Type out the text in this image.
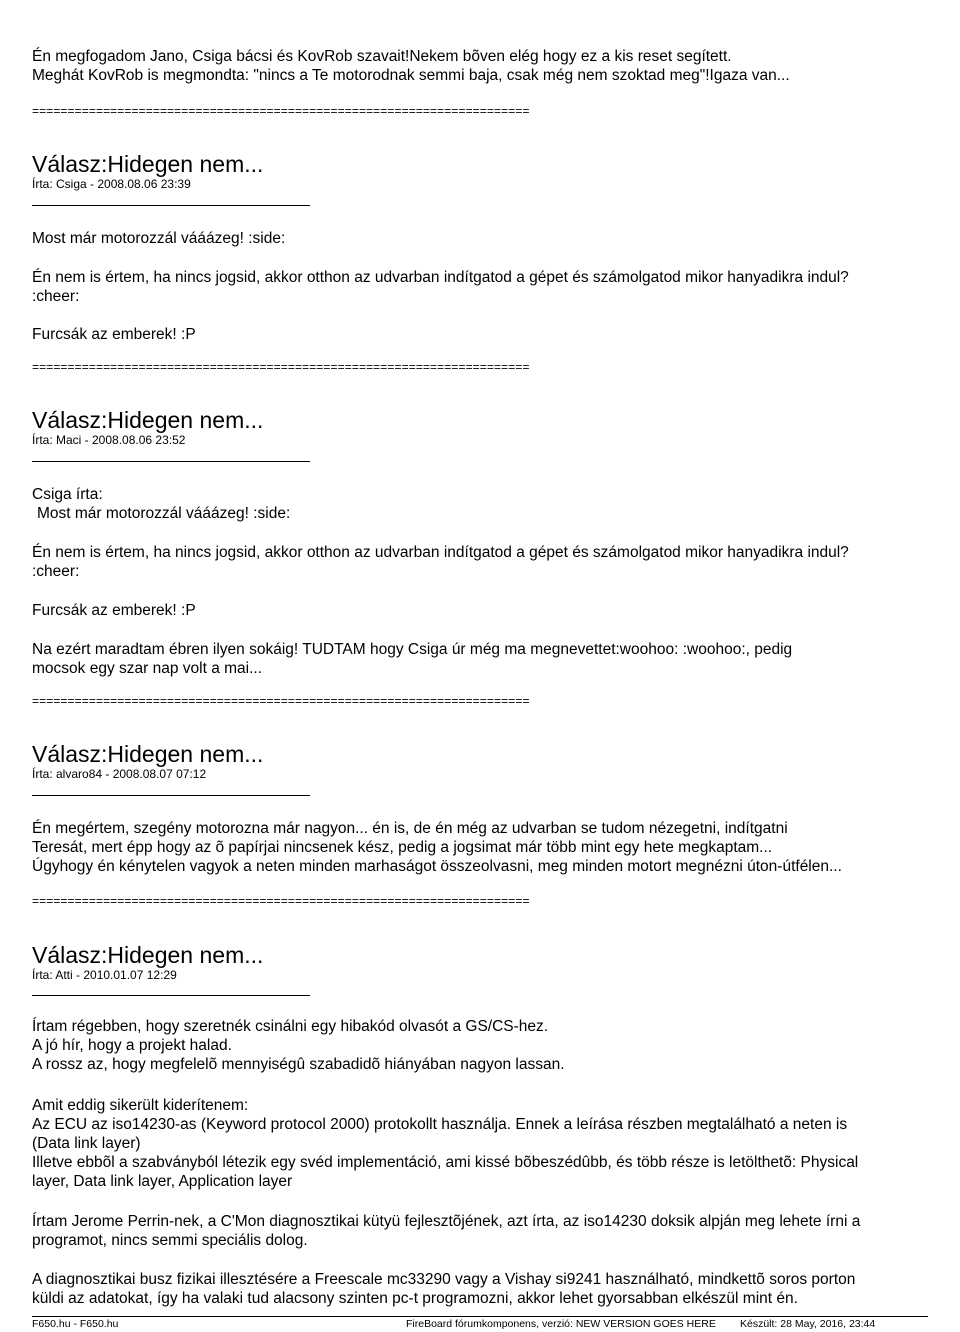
Én megfogadom Jano, Csiga bácsi és KovRob szavait!Nekem bõven elég hogy ez a kis reset segített.

Meghát KovRob is megmondta: "nincs a Te motorodnak semmi baja, csak még nem szoktad meg"!Igaza van...

======================================================================
Válasz:Hidegen nem...

Írta: Csiga - 2008.08.06 23:39

Most már motorozzál vááázeg! :side:

Én nem is értem, ha nincs jogsid, akkor otthon az udvarban indítgatod a gépet és számolgatod mikor hanyadikra indul?

:cheer:

Furcsák az emberek! :P

======================================================================
Válasz:Hidegen nem...

Írta: Maci - 2008.08.06 23:52

Csiga írta:

Most már motorozzál vááázeg! :side:

Én nem is értem, ha nincs jogsid, akkor otthon az udvarban indítgatod a gépet és számolgatod mikor hanyadikra indul?

:cheer:

Furcsák az emberek! :P

Na ezért maradtam ébren ilyen sokáig! TUDTAM hogy Csiga úr még ma megnevettet:woohoo: :woohoo:, pedig

mocsok egy szar nap volt a mai...

======================================================================
Válasz:Hidegen nem...

Írta: alvaro84 - 2008.08.07 07:12

Én megértem, szegény motorozna már nagyon... én is, de én még az udvarban se tudom nézegetni, indítgatni

Teresát, mert épp hogy az õ papírjai nincsenek kész, pedig a jogsimat már több mint egy hete megkaptam...

Úgyhogy én kénytelen vagyok a neten minden marhaságot összeolvasni, meg minden motort megnézni úton-útfélen...

======================================================================
Válasz:Hidegen nem...

Írta: Atti - 2010.01.07 12:29

Írtam régebben, hogy szeretnék csinálni egy hibakód olvasót a GS/CS-hez.

A jó hír, hogy a projekt halad.

A rossz az, hogy megfelelõ mennyiségû szabadidõ hiányában nagyon lassan.

Amit eddig sikerült kiderítenem:

Az ECU az iso14230-as (Keyword protocol 2000) protokollt használja. Ennek a leírása részben megtalálható a neten is

(Data link layer)

Illetve ebbõl a szabványból létezik egy svéd implementáció, ami kissé bõbeszédûbb, és több része is letölthetõ: Physical

layer, Data link layer, Application layer

Írtam Jerome Perrin-nek, a C'Mon diagnosztikai kütyü fejlesztõjének, azt írta, az iso14230 doksik alpján meg lehete írni a

programot, nincs semmi speciális dolog.

A diagnosztikai busz fizikai illesztésére a Freescale mc33290 vagy a Vishay si9241 használható, mindkettõ soros porton

küldi az adatokat, így ha valaki tud alacsony szinten pc-t programozni, akkor lehet gyorsabban elkészül mint én.

F650.hu - F650.hu	FireBoard fórumkomponens, verzió: NEW VERSION GOES HERE Készült: 28 May, 2016, 23:44
